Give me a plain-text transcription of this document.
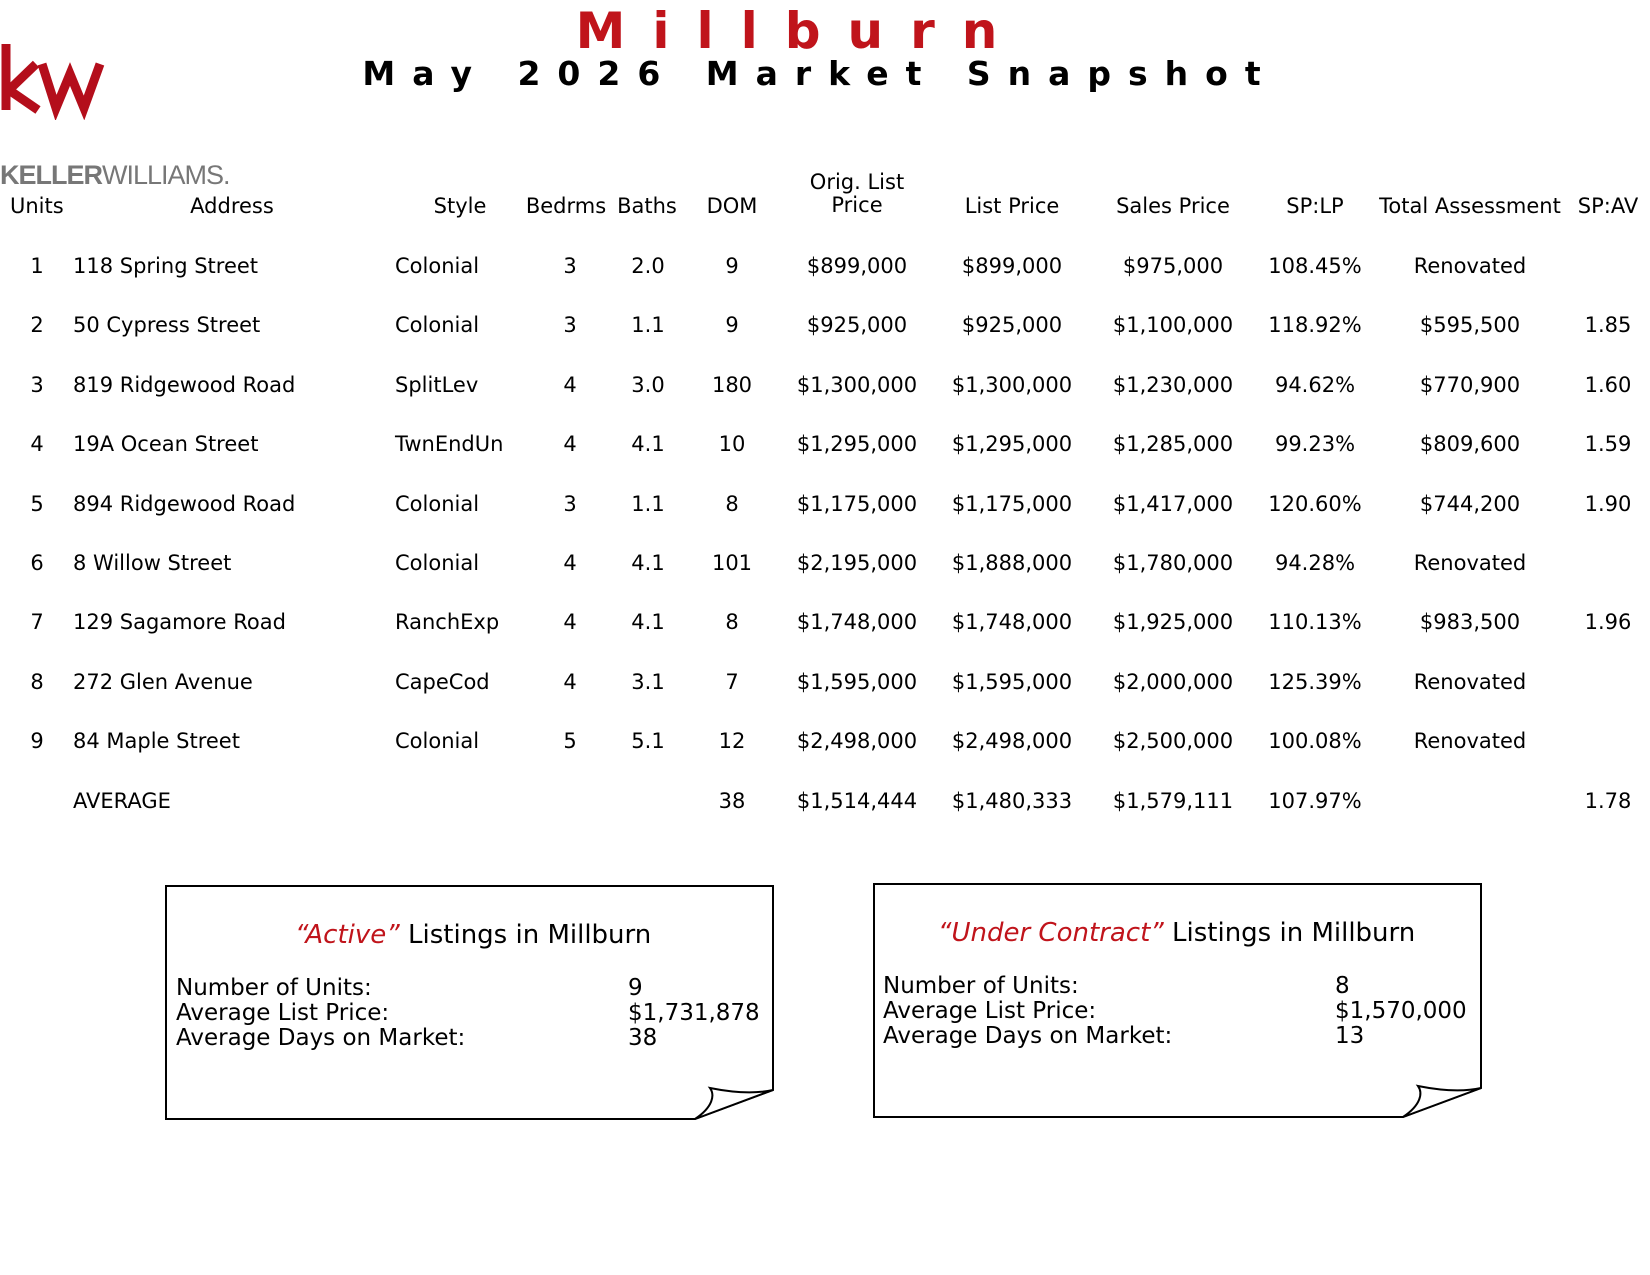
KELLERWILLIAMS.
Millburn
May 2026 Market Snapshot
Units	Address	Style Bedrms Baths DOM
Orig. List
Price	List Price	Sales Price	SP:LP Total Assessment SP:AV
1 118 Spring Street	Colonial	3	2.0	9	$899,000	$899,000	$975,000 108.45% Renovated
2 50 Cypress Street	Colonial	3	1.1	9	$925,000	$925,000 $1,100,000 118.92%	$595,500	1.85
3 819 Ridgewood Road	SplitLev	4	3.0 180 $1,300,000 $1,300,000 $1,230,000 94.62%	$770,900	1.60
4 19A Ocean Street	TwnEndUn	4	4.1	10 $1,295,000 $1,295,000 $1,285,000 99.23%	$809,600	1.59
5 894 Ridgewood Road	Colonial	3	1.1	8	$1,175,000 $1,175,000 $1,417,000 120.60%	$744,200	1.90
6 8 Willow Street	Colonial	4	4.1 101 $2,195,000 $1,888,000 $1,780,000 94.28%	Renovated
7 129 Sagamore Road	RanchExp	4	4.1	8	$1,748,000 $1,748,000 $1,925,000 110.13%	$983,500	1.96
8 272 Glen Avenue	CapeCod	4	3.1	7	$1,595,000 $1,595,000 $2,000,000 125.39% Renovated
9 84 Maple Street	Colonial	5	5.1	12 $2,498,000 $2,498,000 $2,500,000 100.08% Renovated
AVERAGE	38 $1,514,444 $1,480,333 $1,579,111 107.97%	1.78
“Active” Listings in Millburn
Number of Units:	9
Average List Price:	$1,731,878
Average Days on Market:	38
“Under Contract” Listings in Millburn
Number of Units:	8
Average List Price:	$1,570,000
Average Days on Market:	13
